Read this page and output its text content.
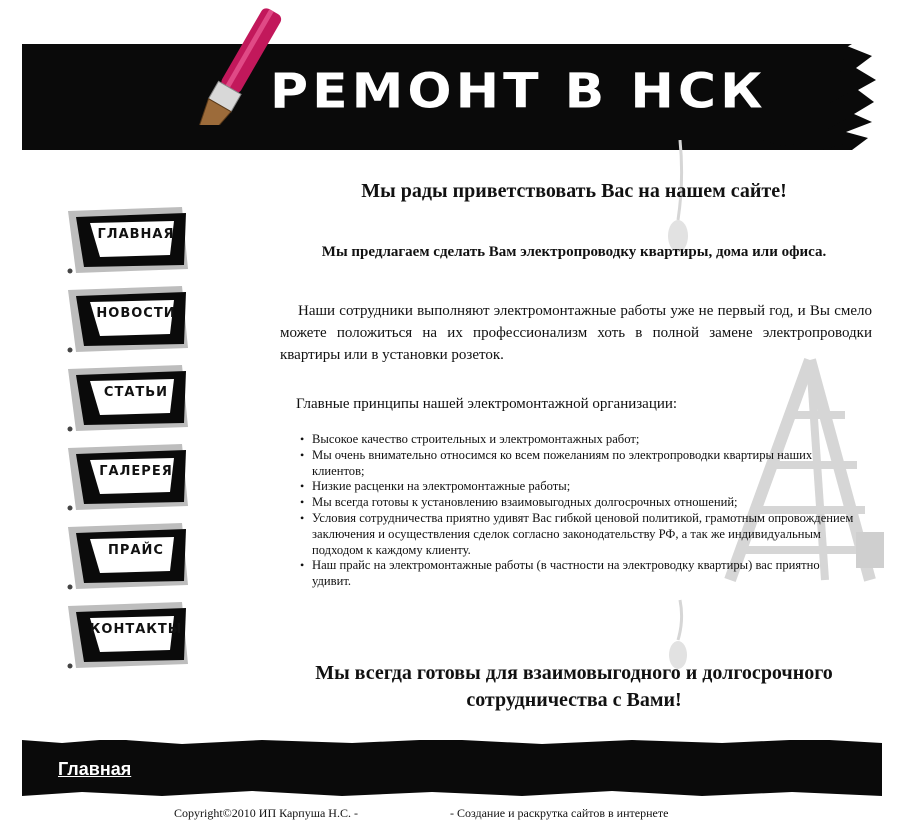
РЕМОНТ В НСК
ГЛАВНАЯ
НОВОСТИ
СТАТЬИ
ГАЛЕРЕЯ
ПРАЙС
КОНТАКТЫ
Мы рады приветствовать Вас на нашем сайте!
Мы предлагаем сделать Вам электропроводку квартиры, дома или офиса.

Наши сотрудники выполняют электромонтажные работы уже не первый год, и Вы смело можете положиться на их профессионализм хоть в полной замене электропроводки квартиры или в установки розеток.

Главные принципы нашей электромонтажной организации:

• Высокое качество строительных и электромонтажных работ;
• Мы очень внимательно относимся ко всем пожеланиям по электропроводки квартиры наших клиентов;
• Низкие расценки на электромонтажные работы;
• Мы всегда готовы к установлению взаимовыгодных долгосрочных отношений;
• Условия сотрудничества приятно удивят Вас гибкой ценовой политикой, грамотным опровождением заключения и осуществления сделок согласно законодательству РФ, а так же индивидуальным подходом к каждому клиенту.
• Наш прайс на электромонтажные работы (в частности на электроводку квартиры) вас приятно удивит.
Мы всегда готовы для взаимовыгодного и долгосрочного сотрудничества с Вами!
Главная
Copyright©2010 ИП Карпуша Н.С. -	- Создание и раскрутка сайтов в интернете
